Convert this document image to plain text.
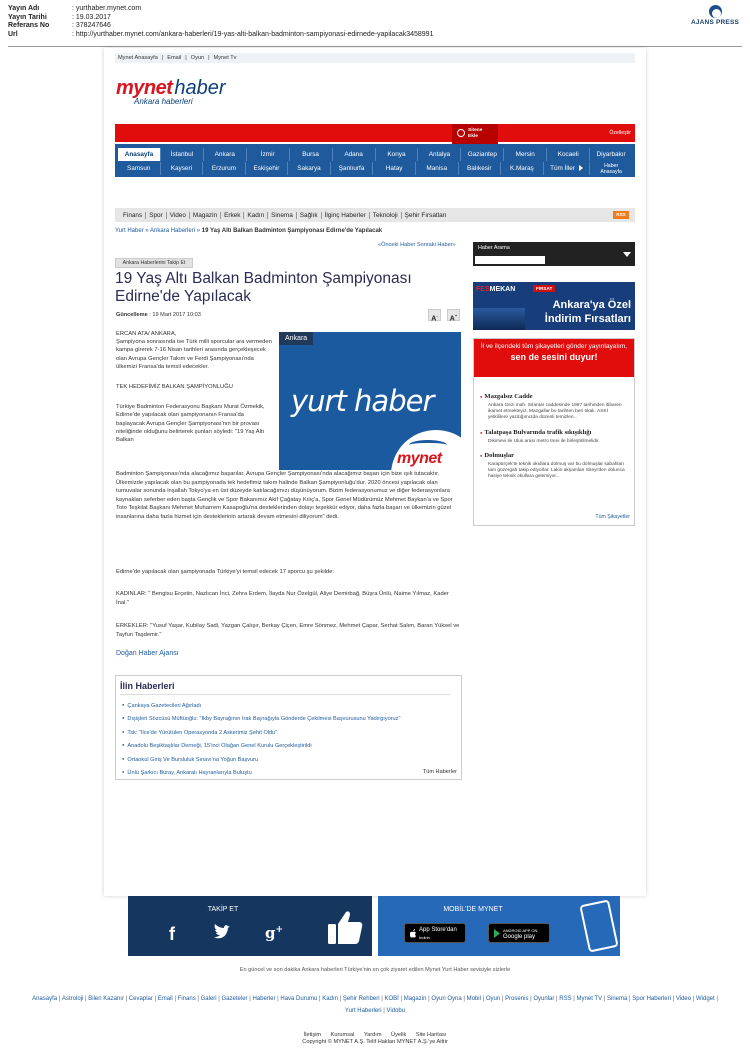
Yayın Adı	: yurthaber.mynet.com
Yayın Tarihi	: 19.03.2017
Referans No	: 378247646
Url	: http://yurthaber.mynet.com/ankara-haberleri/19-yas-alti-balkan-badminton-sampiyonasi-edirnede-yapilacak3458991
AJANS PRESS
Mynet Anasayfa | Email | Oyun | Mynet Tv
mynet haber
Ankara haberleri
Sitene
Ekle
Özelleştir
Anasayfa	İstanbul	Ankara	İzmir	Bursa	Adana	Konya	Antalya	Gaziantep	Mersin	Kocaeli	Diyarbakır
Samsun	Kayseri	Erzurum	Eskişehir	Sakarya	Şanlıurfa	Hatay	Manisa	Balıkesir	K.Maraş	Tüm İller	Haber
Anasayfa
Finans	Spor	Video	Magazin	Erkek	Kadın	Sinema	Sağlık	İlginç Haberler	Teknoloji	Şehir Fırsatları	RSS
Yurt Haber » Ankara Haberleri » 19 Yaş Altı Balkan Badminton Şampiyonası Edirne'de Yapılacak
«Önceki Haber Sonraki Haber»
Ankara Haberlerini Takip Et
19 Yaş Altı Balkan Badminton Şampiyonası Edirne'de Yapılacak
Güncelleme : 19 Mart 2017 10:03
A-	A+

ERCAN ATA/ ANKARA,
Şampiyona sonrasında ise Türk milli sporcular ara vermeden kampa girerek 7-16 Nisan tarihleri arasında gerçekleşecek olan Avrupa Gençler Takım ve Ferdi Şampiyonası'nda ülkemizi Fransa'da temsil edecekler.

TEK HEDEFİMİZ BALKAN ŞAMPİYONLUĞU

Türkiye Badminton Federasyonu Başkanı Murat Özmekik, Edirne'de yapılacak olan şampiyonanın Fransa'da başlayacak Avrupa Gençler Şampiyonası'nın bir provası niteliğinde olduğunu belirterek şunları söyledi: "19 Yaş Altı Balkan

Ankara
yurt haber
mynet
Badminton Şampiyonası'nda alacağımız başarılar, Avrupa Gençler Şampiyonası'nda alacağımız başarı için bize ışık tutacaktır. Ülkemizde yapılacak olan bu şampiyonada tek hedefimiz takım halinde Balkan Şampiyonluğu'dur. 2020 öncesi yapılacak olan turnuvalar sonunda inşallah Tokyo'ya en üst düzeyde katılacağımızı düşünüyorum. Bizim federasyonumuz ve diğer federasyonlara kaynakları seferber eden başta Gençlik ve Spor Bakanımız Akif Çağatay Kılıç'a, Spor Genel Müdürümüz Mehmet Baykan'a ve Spor Toto Teşkilat Başkanı Mehmet Muharrem Kasapoğlu'na desteklerinden dolayı teşekkür ediyor, daha fazla başarı ve ülkemizin güzel insanlarına daha fazla hizmet için desteklerinin artarak devam etmesini diliyorum" dedi.
Edirne'de yapılacak olan şampiyonada Türkiye'yi temsil edecek 17 sporcu şu şekilde:
KADINLAR: " Bengisu Erçetin, Nazlıcan İnci, Zehra Erdem, İlayda Nur Özelgül, Aliye Demirbağ, Büşra Ünlü, Naime Yılmaz, Kader İnal."
ERKEKLER: "Yusuf Yaşar, Kubilay Sadi, Yazgan Çalışır, Berkay Çiçen, Emre Sönmez, Mehmet Çapar, Serhat Salım, Baran Yüksel ve Tayfun Taşdemir."
Doğan Haber Ajansı
İlin Haberleri
● Çankaya Gazetecileri Ağırladı
● Dışişleri Sözcüsü Müftüoğlu: "Ikby Bayrağının Irak Bayrağıyla Gönderde Çekilmesi Başvurusunu Yadırgıyoruz"
● Tsk: "Ilce'de Yürütülen Operasyonda 2 Askerimiz Şehit Oldu"
● Anadolu Beşiktaşlılar Derneği, 15'inci Olağan Genel Kurulu Gerçekleştirildi
● Ortaokul Giriş Ve Bursluluk Sınavı'na Yoğun Başvuru
● Ünlü Şarkıcı Buray, Ankaralı Hayranlarıyla Buluştu	Tüm Haberler
Haber Arama
FESMEKAN	FIRSAT
Ankara'ya Özel
İndirim Fırsatları
İl ve ilçendeki tüm şikayetleri gönder yayınlayalım,
sen de sesini duyur!
● Mazgalsız Cadde
Ankara Gezi mah. Sılantar caddesinde 1967 tarihinden itibaren ikamet etmekteyiz. Mazgallar bu tarihten beri tıkalı. ASKİ yetkililere yazdığımızda düzenli temizlen...
● Talatpaşa Bulvarında trafik sıkışıklığı
Dikimevi ile Ulus arası metro treni ile birleştirilmelidir.
● Dolmuşlar
Karapürçek'te teknik okullara dolmuş var bu dolmuşlar sabahları tam güzergah takip ediyorlar. Lakin akşamları Siteyi'den dolunca hasiye teknik okullara gelemiyor...
Tüm Şikayetler
TAKİP ET
f	g+
MOBİL'DE MYNET
App Store'dan
İndirin
ANDROID APP ON
Google play
En güncel ve son dakika Ankara haberleri Türkiye'nin en çok ziyaret edilen Mynet Yurt Haber sevisiyle sizlerle
Anasayfa | Astroloji | Bilen Kazanır | Cevaplar | Email | Finans | Galeri | Gazeteler | Haberler | Hava Durumu | Kadın | Şehir Rehberi | KOBİ | Magazin | Oyun Oyna | Mobil | Oyun | Prosenis | Oyunlar | RSS | Mynet TV | Sinema | Spor Haberleri | Video | Widget | Yurt Haberleri | Vidobu
İletişim Kurumsal Yardım Üyelik Site Haritası
Copyright © MYNET A.Ş. Telif Hakları MYNET A.Ş.'ye Aittir
